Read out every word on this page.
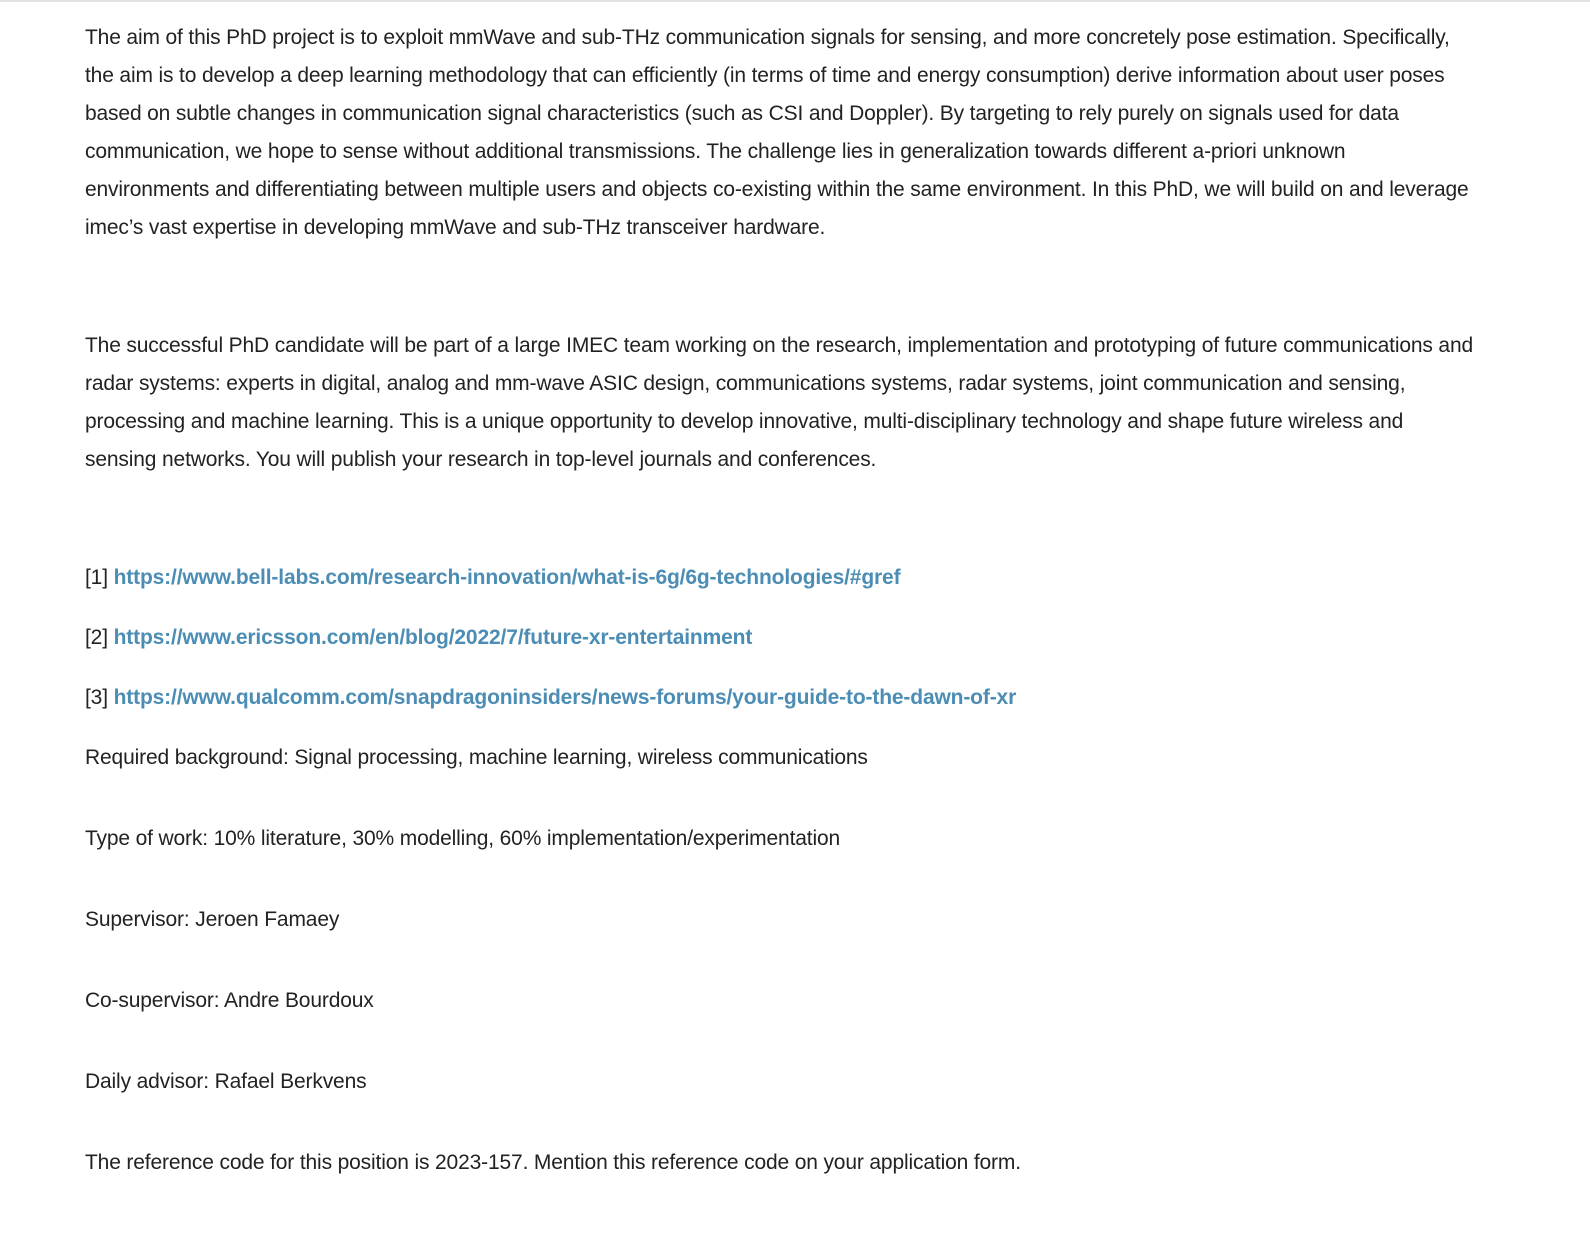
The aim of this PhD project is to exploit mmWave and sub-THz communication signals for sensing, and more concretely pose estimation. Specifically, the aim is to develop a deep learning methodology that can efficiently (in terms of time and energy consumption) derive information about user poses based on subtle changes in communication signal characteristics (such as CSI and Doppler). By targeting to rely purely on signals used for data communication, we hope to sense without additional transmissions. The challenge lies in generalization towards different a-priori unknown environments and differentiating between multiple users and objects co-existing within the same environment. In this PhD, we will build on and leverage imec’s vast expertise in developing mmWave and sub-THz transceiver hardware.

The successful PhD candidate will be part of a large IMEC team working on the research, implementation and prototyping of future communications and radar systems: experts in digital, analog and mm-wave ASIC design, communications systems, radar systems, joint communication and sensing, processing and machine learning. This is a unique opportunity to develop innovative, multi-disciplinary technology and shape future wireless and sensing networks. You will publish your research in top-level journals and conferences.

[1] https://www.bell-labs.com/research-innovation/what-is-6g/6g-technologies/#gref
[2] https://www.ericsson.com/en/blog/2022/7/future-xr-entertainment
[3] https://www.qualcomm.com/snapdragoninsiders/news-forums/your-guide-to-the-dawn-of-xr

Required background: Signal processing, machine learning, wireless communications

Type of work: 10% literature, 30% modelling, 60% implementation/experimentation

Supervisor: Jeroen Famaey

Co-supervisor: Andre Bourdoux

Daily advisor: Rafael Berkvens

The reference code for this position is 2023-157. Mention this reference code on your application form.
